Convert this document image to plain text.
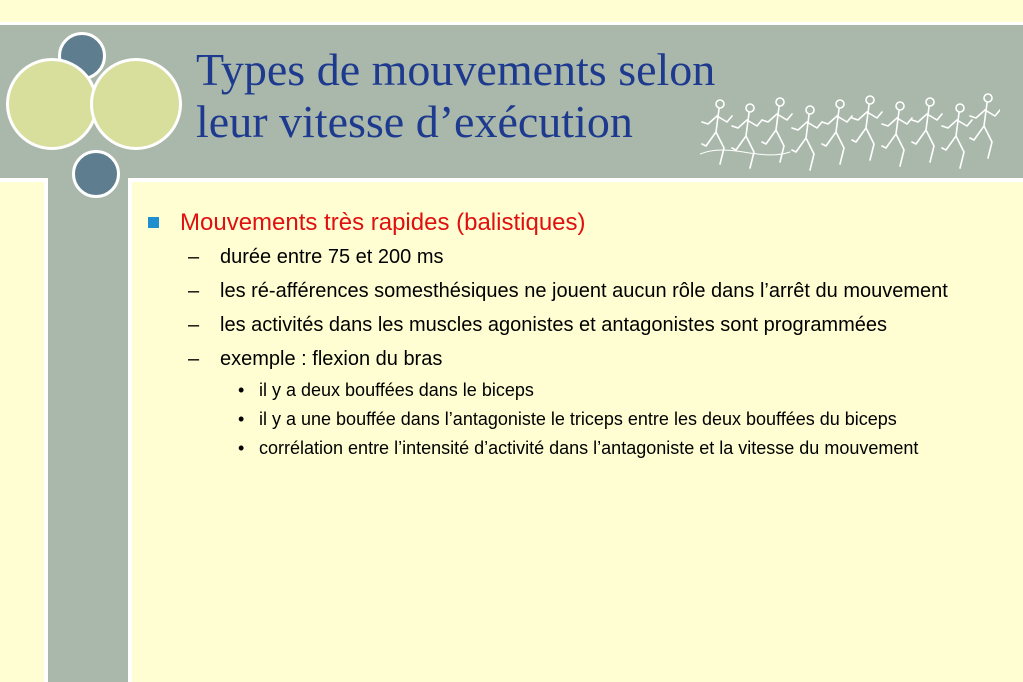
Types de mouvements selon leur vitesse d’exécution
Mouvements très rapides (balistiques)
– durée entre 75 et 200 ms
– les ré-afférences somesthésiques ne jouent aucun rôle dans l’arrêt du mouvement
– les activités dans les muscles agonistes et antagonistes sont programmées
– exemple : flexion du bras
• il y a deux bouffées dans le biceps
• il y a une bouffée dans l’antagoniste le triceps entre les deux bouffées du biceps
• corrélation entre l’intensité d’activité dans l’antagoniste et la vitesse du mouvement
